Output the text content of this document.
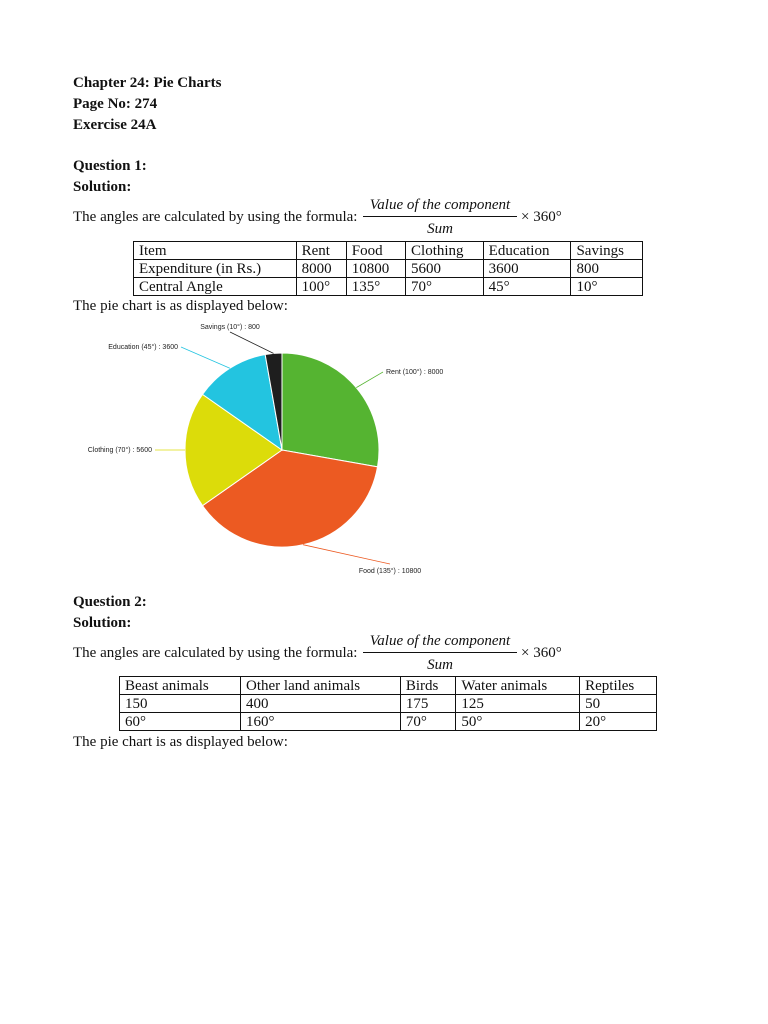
Chapter 24: Pie Charts
Page No: 274
Exercise 24A
Question 1:
Solution:
The angles are calculated by using the formula:
Value of the component
Sum
× 360°
Item	Rent	Food	Clothing	Education	Savings
Expenditure (in Rs.)	8000	10800	5600	3600	800
Central Angle	100°	135°	70°	45°	10°
The pie chart is as displayed below:
Rent (100°) : 8000
Food (135°) : 10800
Clothing (70°) : 5600
Education (45°) : 3600
Savings (10°) : 800
Question 2:
Solution:
The angles are calculated by using the formula:
Value of the component
Sum
× 360°
Beast animals	Other land animals	Birds	Water animals	Reptiles
150	400	175	125	50
60°	160°	70°	50°	20°
The pie chart is as displayed below:
